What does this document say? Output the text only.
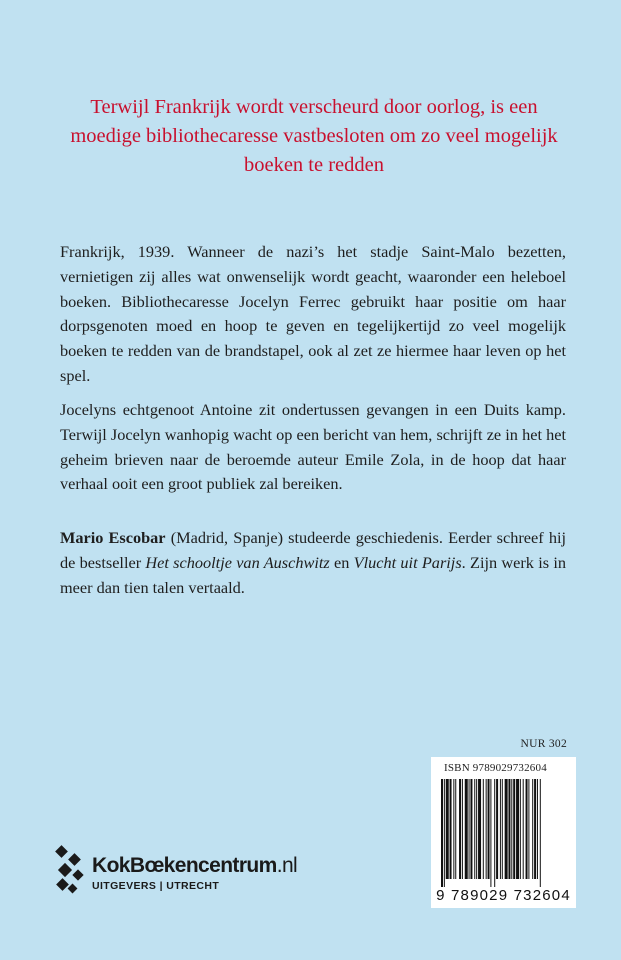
Terwijl Frankrijk wordt verscheurd door oorlog, is een moedige bibliothecaresse vastbesloten om zo veel mogelijk boeken te redden

Frankrijk, 1939. Wanneer de nazi’s het stadje Saint-Malo bezetten, vernietigen zij alles wat onwenselijk wordt geacht, waaronder een heleboel boeken. Bibliothecaresse Jocelyn Ferrec gebruikt haar positie om haar dorpsgenoten moed en hoop te geven en tegelijkertijd zo veel mogelijk boeken te redden van de brandstapel, ook al zet ze hiermee haar leven op het spel.

Jocelyns echtgenoot Antoine zit ondertussen gevangen in een Duits kamp. Terwijl Jocelyn wanhopig wacht op een bericht van hem, schrijft ze in het het geheim brieven naar de beroemde auteur Emile Zola, in de hoop dat haar verhaal ooit een groot publiek zal bereiken.

Mario Escobar (Madrid, Spanje) studeerde geschiedenis. Eerder schreef hij de bestseller Het schooltje van Auschwitz en Vlucht uit Parijs. Zijn werk is in meer dan tien talen vertaald.

NUR 302
ISBN 9789029732604
9 789029 732604
KokBœkencentrum.nl
UITGEVERS | UTRECHT
